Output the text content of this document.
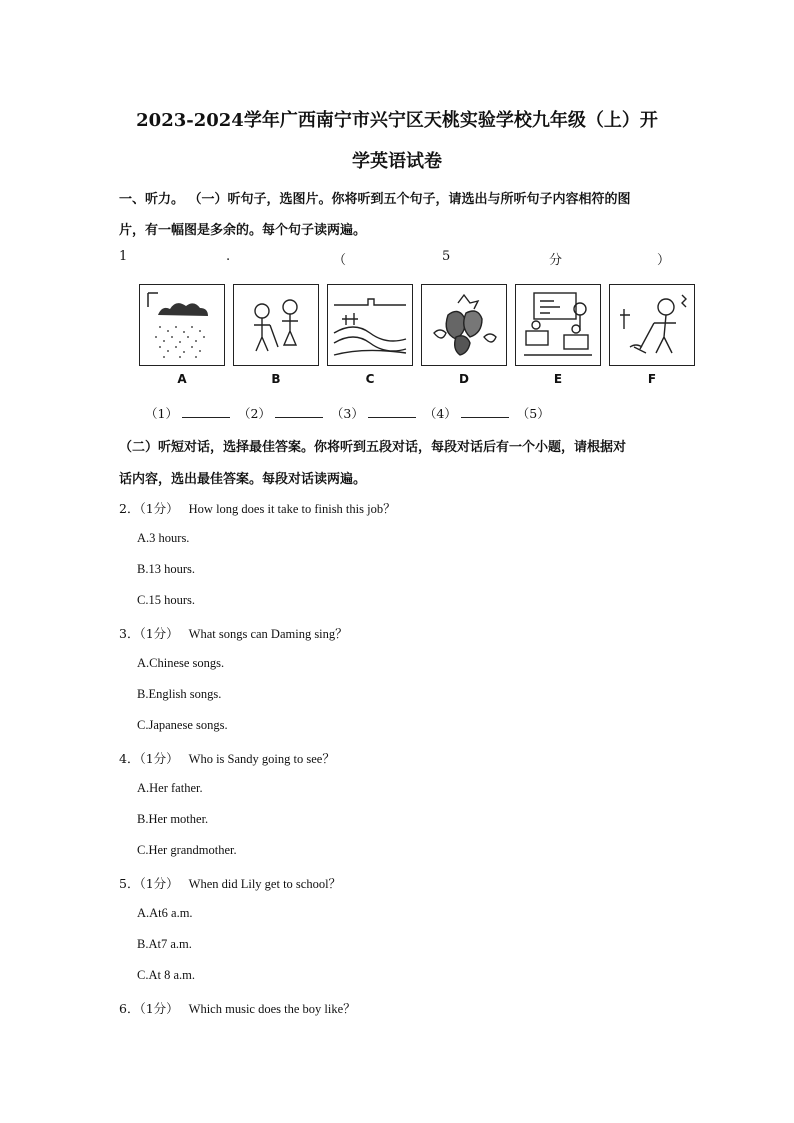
2023-2024学年广西南宁市兴宁区天桃实验学校九年级（上）开
学英语试卷
一、听力。 （一）听句子，选图片。你将听到五个句子，请选出与所听句子内容相符的图
片，有一幅图是多余的。每个句子读两遍。
1	.	（	5	分	）
A	B	C	D	E	F
（1）	（2）	（3）	（4）	（5）
（二）听短对话，选择最佳答案。你将听到五段对话，每段对话后有一个小题，请根据对
话内容，选出最佳答案。每段对话读两遍。
2．（1分） How long does it take to finish this job？
A.3 hours.
B.13 hours.
C.15 hours.
3．（1分） What songs can Daming sing？
A.Chinese songs.
B.English songs.
C.Japanese songs.
4．（1分） Who is Sandy going to see？
A.Her father.
B.Her mother.
C.Her grandmother.
5．（1分） When did Lily get to school？
A.At6 a.m.
B.At7 a.m.
C.At 8 a.m.
6．（1分） Which music does the boy like？
